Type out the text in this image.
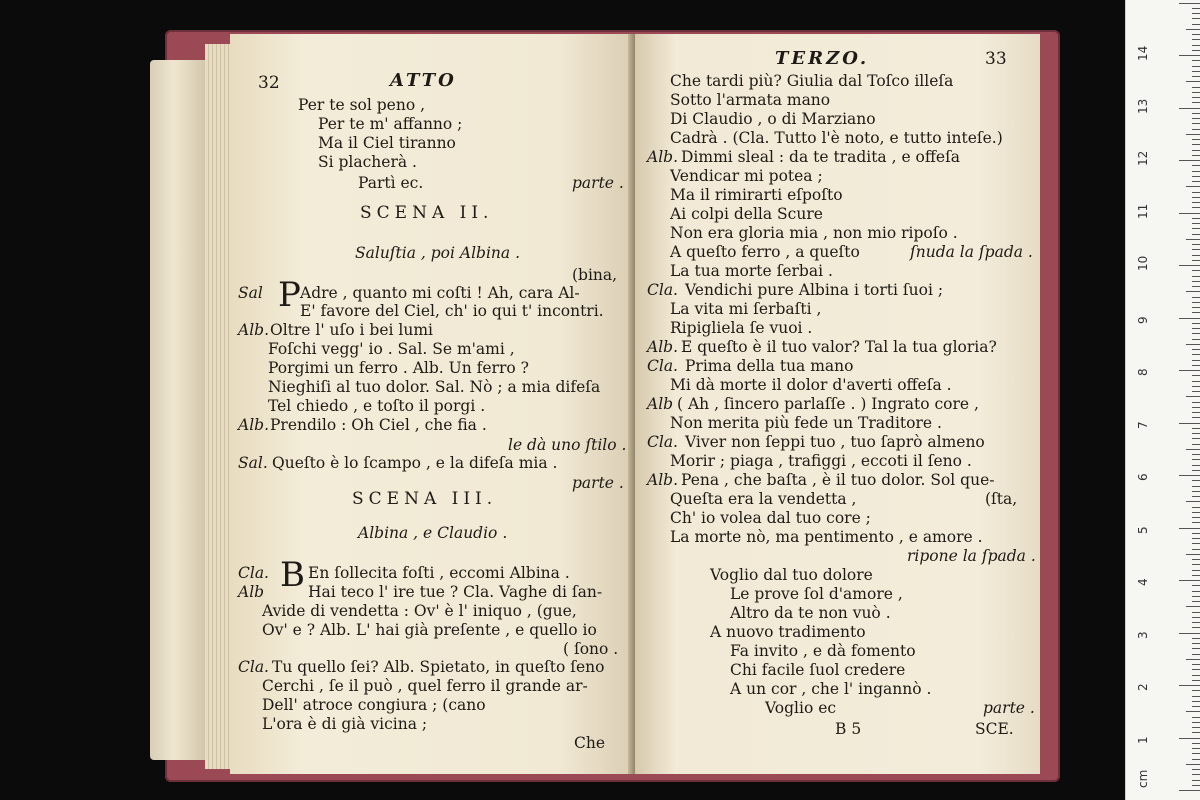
32	ATTO
Per te sol peno ,
Per te m' affanno ;
Ma il Ciel tiranno
Si placherà .
Partì ec.	parte .
SCENA II.
Saluſtia , poi Albina .
(bina,
Sal Adre , quanto mi coſti ! Ah, cara Al-
E' favore del Ciel, ch' io qui t' incontri.
Alb. Oltre l' uſo i bei lumi
Foſchi vegg' io . Sal. Se m'ami ,
Porgimi un ferro . Alb. Un ferro ?
Nieghiſi al tuo dolor. Sal. Nò ; a mia difeſa
Tel chiedo , e toſto il porgi .
Alb. Prendilo : Oh Ciel , che fia .
le dà uno ſtilo .
Sal. Queſto è lo ſcampo , e la difeſa mia .
parte .
SCENA III.
Albina , e Claudio .
Cla.	En ſollecita foſti , eccomi Albina .
Alb	Hai teco l' ire tue ? Cla. Vaghe di ſan-
Avide di vendetta : Ov' è l' iniquo , (gue,
Ov' e ? Alb. L' hai già preſente , e quello io
( ſono .
Cla. Tu quello ſei? Alb. Spietato, in queſto ſeno
Cerchi , ſe il può , quel ferro il grande ar-
Dell' atroce congiura ; (cano
L'ora è di già vicina ;
Che
P
B
TERZO.	33
Che tardi più? Giulia dal Toſco illeſa
Sotto l'armata mano
Di Claudio , o di Marziano
Cadrà . (Cla. Tutto l'è noto, e tutto inteſe.)
Alb. Dimmi sleal : da te tradita , e offeſa
Vendicar mi potea ;
Ma il rimirarti eſpoſto
Ai colpi della Scure
Non era gloria mia , non mio ripoſo .
A queſto ferro , a queſto	ſnuda la ſpada .
La tua morte ſerbai .
Cla. Vendichi pure Albina i torti ſuoi ;
La vita mi ſerbaſti ,
Ripigliela ſe vuoi .
Alb. E queſto è il tuo valor? Tal la tua gloria?
Cla. Prima della tua mano
Mi dà morte il dolor d'averti offeſa .
Alb ( Ah , ſincero parlaſſe . ) Ingrato core ,
Non merita più fede un Traditore .
Cla. Viver non ſeppi tuo , tuo ſaprò almeno
Morir ; piaga , trafiggi , eccoti il ſeno .
Alb. Pena , che baſta , è il tuo dolor. Sol que-
Queſta era la vendetta ,	(ſta,
Ch' io volea dal tuo core ;
La morte nò, ma pentimento , e amore .
ripone la ſpada .
Voglio dal tuo dolore
Le prove ſol d'amore ,
Altro da te non vuò .
A nuovo tradimento
Fa invito , e dà fomento
Chi facile ſuol credere
A un cor , che l' ingannò .
Voglio ec	parte .
B 5	SCE.
1
2
3
4
5
6
7
8
9
10
11
12
13
14
cm
